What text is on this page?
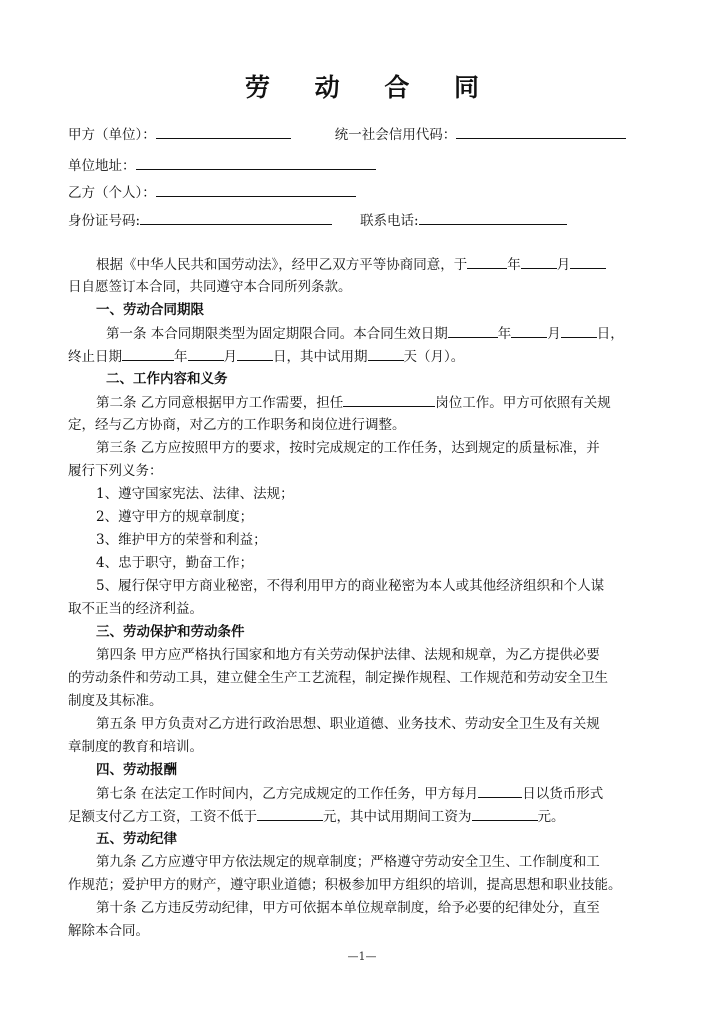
劳 动 合 同
甲方（单位）：	统一社会信用代码：
单位地址：
乙方（个人）：
身份证号码:	联系电话:
根据《中华人民共和国劳动法》，经甲乙双方平等协商同意，于	年	月
日自愿签订本合同，共同遵守本合同所列条款。
一、劳动合同期限
第一条 本合同期限类型为固定期限合同。本合同生效日期	年	月	日，
终止日期	年	月	日，其中试用期	天（月）。
二、工作内容和义务
第二条 乙方同意根据甲方工作需要，担任	岗位工作。甲方可依照有关规
定，经与乙方协商，对乙方的工作职务和岗位进行调整。
第三条 乙方应按照甲方的要求，按时完成规定的工作任务，达到规定的质量标准，并
履行下列义务：
1、遵守国家宪法、法律、法规；
2、遵守甲方的规章制度；
3、维护甲方的荣誉和利益；
4、忠于职守，勤奋工作；
5、履行保守甲方商业秘密，不得利用甲方的商业秘密为本人或其他经济组织和个人谋
取不正当的经济利益。
三、劳动保护和劳动条件
第四条 甲方应严格执行国家和地方有关劳动保护法律、法规和规章，为乙方提供必要
的劳动条件和劳动工具，建立健全生产工艺流程，制定操作规程、工作规范和劳动安全卫生
制度及其标准。
第五条 甲方负责对乙方进行政治思想、职业道德、业务技术、劳动安全卫生及有关规
章制度的教育和培训。
四、劳动报酬
第七条 在法定工作时间内，乙方完成规定的工作任务，甲方每月	日以货币形式
足额支付乙方工资，工资不低于	元，其中试用期间工资为	元。
五、劳动纪律
第九条 乙方应遵守甲方依法规定的规章制度；严格遵守劳动安全卫生、工作制度和工
作规范；爱护甲方的财产，遵守职业道德；积极参加甲方组织的培训，提高思想和职业技能。
第十条 乙方违反劳动纪律，甲方可依据本单位规章制度，给予必要的纪律处分，直至
解除本合同。
—1—
